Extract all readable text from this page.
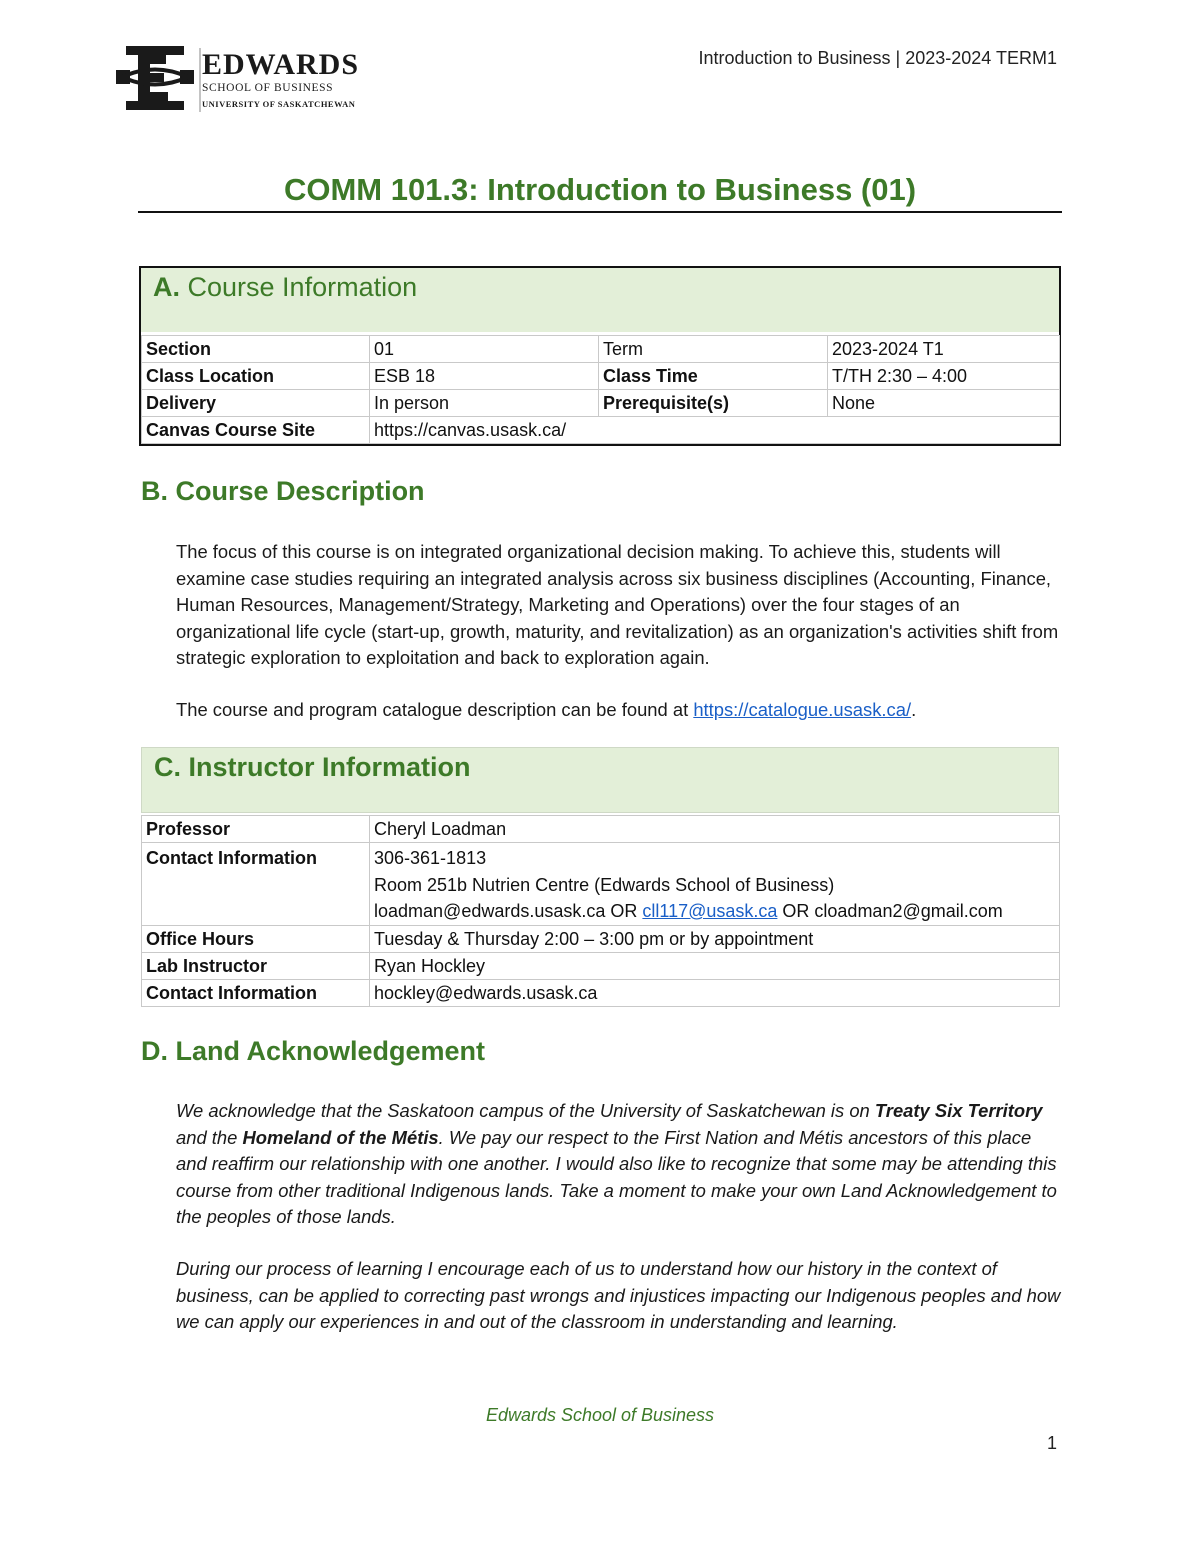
EDWARDS
SCHOOL OF BUSINESS
UNIVERSITY OF SASKATCHEWAN
Introduction to Business | 2023-2024 TERM1
COMM 101.3: Introduction to Business (01)
A. Course Information
Section	01	Term	2023-2024 T1
Class Location	ESB 18	Class Time	T/TH 2:30 – 4:00
Delivery	In person	Prerequisite(s)	None
Canvas Course Site	https://canvas.usask.ca/		
B. Course Description
The focus of this course is on integrated organizational decision making. To achieve this, students will examine case studies requiring an integrated analysis across six business disciplines (Accounting, Finance, Human Resources, Management/Strategy, Marketing and Operations) over the four stages of an organizational life cycle (start-up, growth, maturity, and revitalization) as an organization's activities shift from strategic exploration to exploitation and back to exploration again.
The course and program catalogue description can be found at https://catalogue.usask.ca/.
C. Instructor Information
Professor	Cheryl Loadman
Contact Information	306-361-1813
Room 251b Nutrien Centre (Edwards School of Business)
loadman@edwards.usask.ca OR cll117@usask.ca OR cloadman2@gmail.com

Office Hours	Tuesday & Thursday 2:00 – 3:00 pm or by appointment
Lab Instructor	Ryan Hockley
Contact Information	hockley@edwards.usask.ca
D. Land Acknowledgement
We acknowledge that the Saskatoon campus of the University of Saskatchewan is on Treaty Six Territory and the Homeland of the Métis. We pay our respect to the First Nation and Métis ancestors of this place and reaffirm our relationship with one another. I would also like to recognize that some may be attending this course from other traditional Indigenous lands. Take a moment to make your own Land Acknowledgement to the peoples of those lands.
During our process of learning I encourage each of us to understand how our history in the context of business, can be applied to correcting past wrongs and injustices impacting our Indigenous peoples and how we can apply our experiences in and out of the classroom in understanding and learning.
Edwards School of Business
1
